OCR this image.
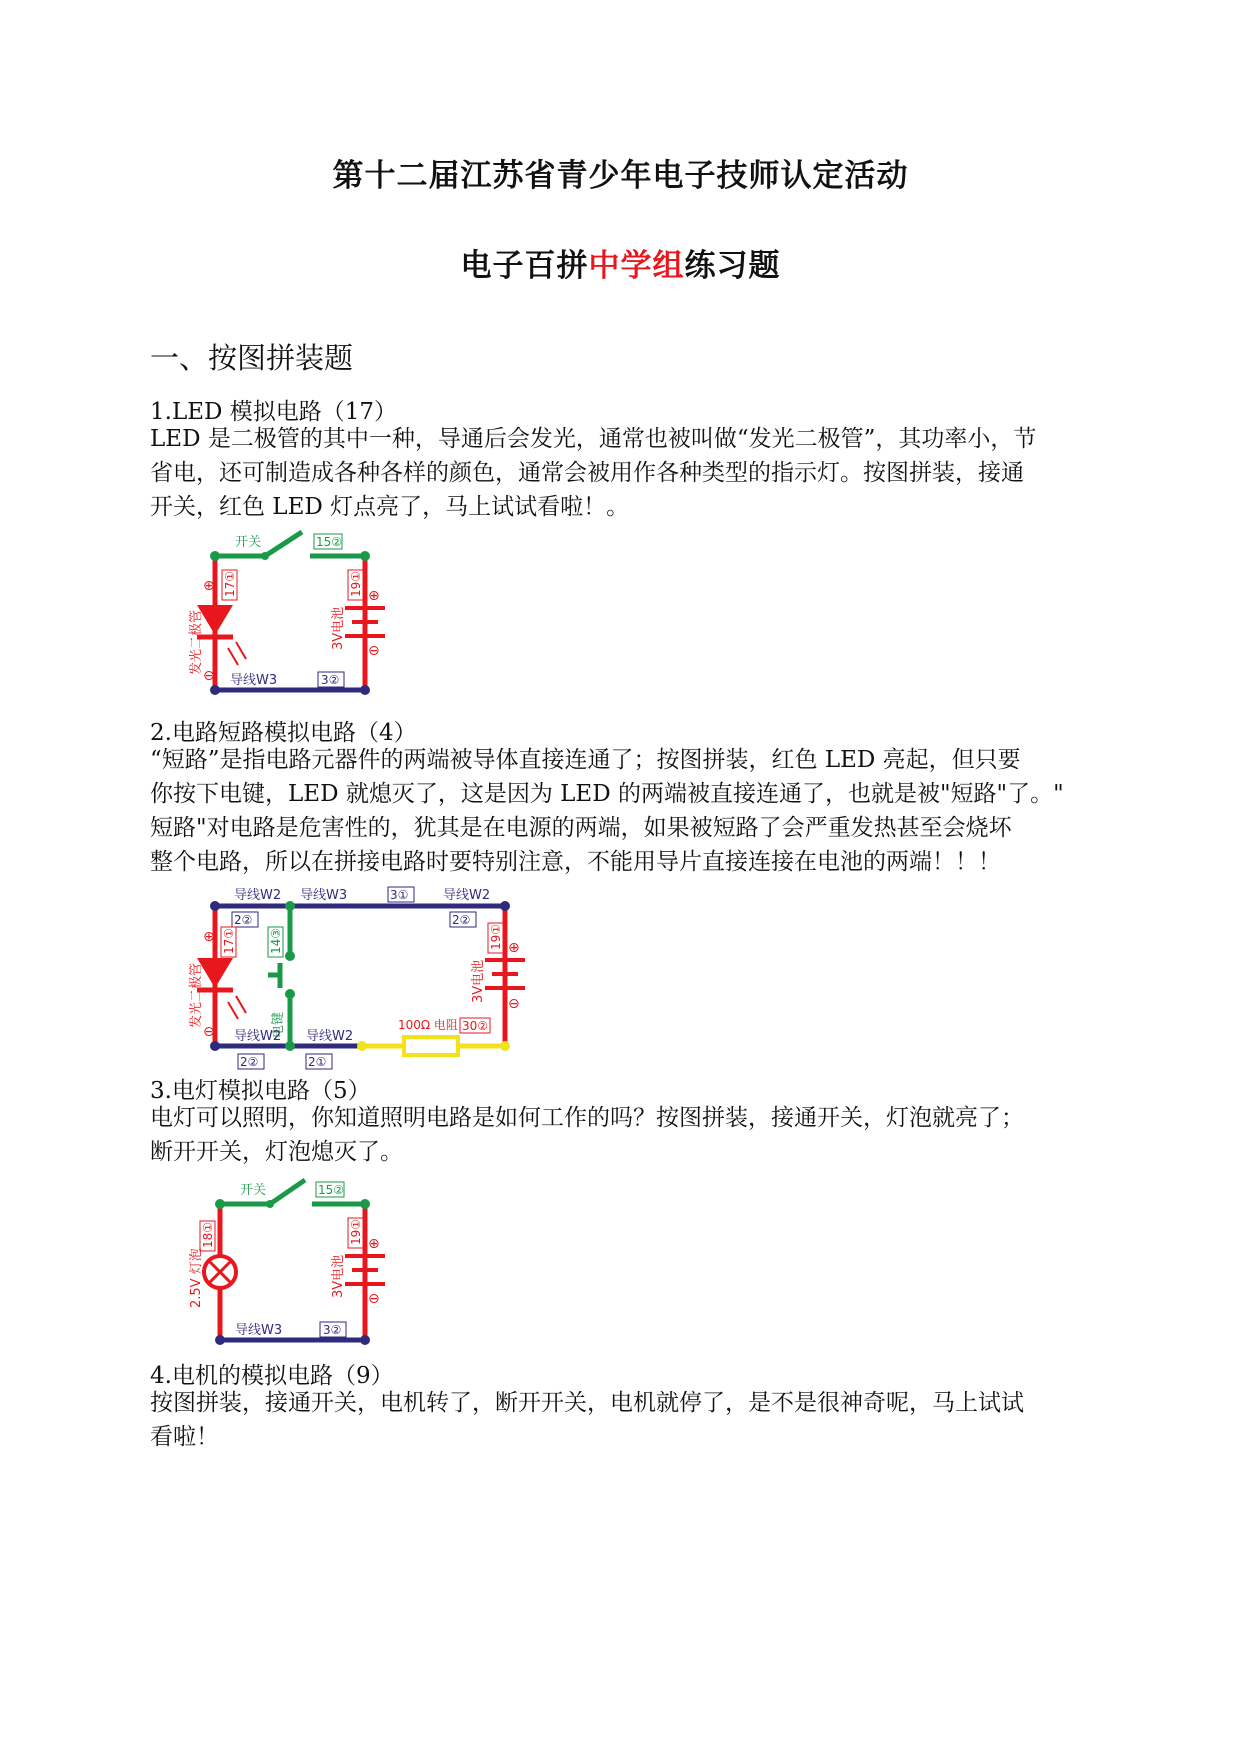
第十二届江苏省青少年电子技师认定活动
电子百拼中学组练习题
一、按图拼装题
1.LED 模拟电路（17）
LED 是二极管的其中一种，导通后会发光，通常也被叫做“发光二极管”，其功率小，节
省电，还可制造成各种各样的颜色，通常会被用作各种类型的指示灯。按图拼装，接通
开关，红色 LED 灯点亮了，马上试试看啦！。
开关	15②
17①
发光二极管
⊕
⊖
19①
3V电池
⊕
⊖
导线W3	3②
2.电路短路模拟电路（4）
“短路”是指电路元器件的两端被导体直接连通了；按图拼装，红色 LED 亮起，但只要
你按下电键，LED 就熄灭了，这是因为 LED 的两端被直接连通了，也就是被"短路"了。"
短路"对电路是危害性的，犹其是在电源的两端，如果被短路了会严重发热甚至会烧坏
整个电路，所以在拼接电路时要特别注意，不能用导片直接连接在电池的两端！！！
导线W2 导线W3	3①	导线W2
2②	2②
17①
发光二极管
⊕
⊖
14③
电键
19①
3V电池
⊕
⊖
导线W2 导线W2
100Ω 电阻 30②
2②	2①
3.电灯模拟电路（5）
电灯可以照明，你知道照明电路是如何工作的吗？按图拼装，接通开关，灯泡就亮了；
断开开关，灯泡熄灭了。
开关	15②
18①
2.5V 灯泡
19①
3V电池
⊕
⊖
导线W3	3②
4.电机的模拟电路（9）
按图拼装，接通开关，电机转了，断开开关，电机就停了，是不是很神奇呢，马上试试
看啦！
